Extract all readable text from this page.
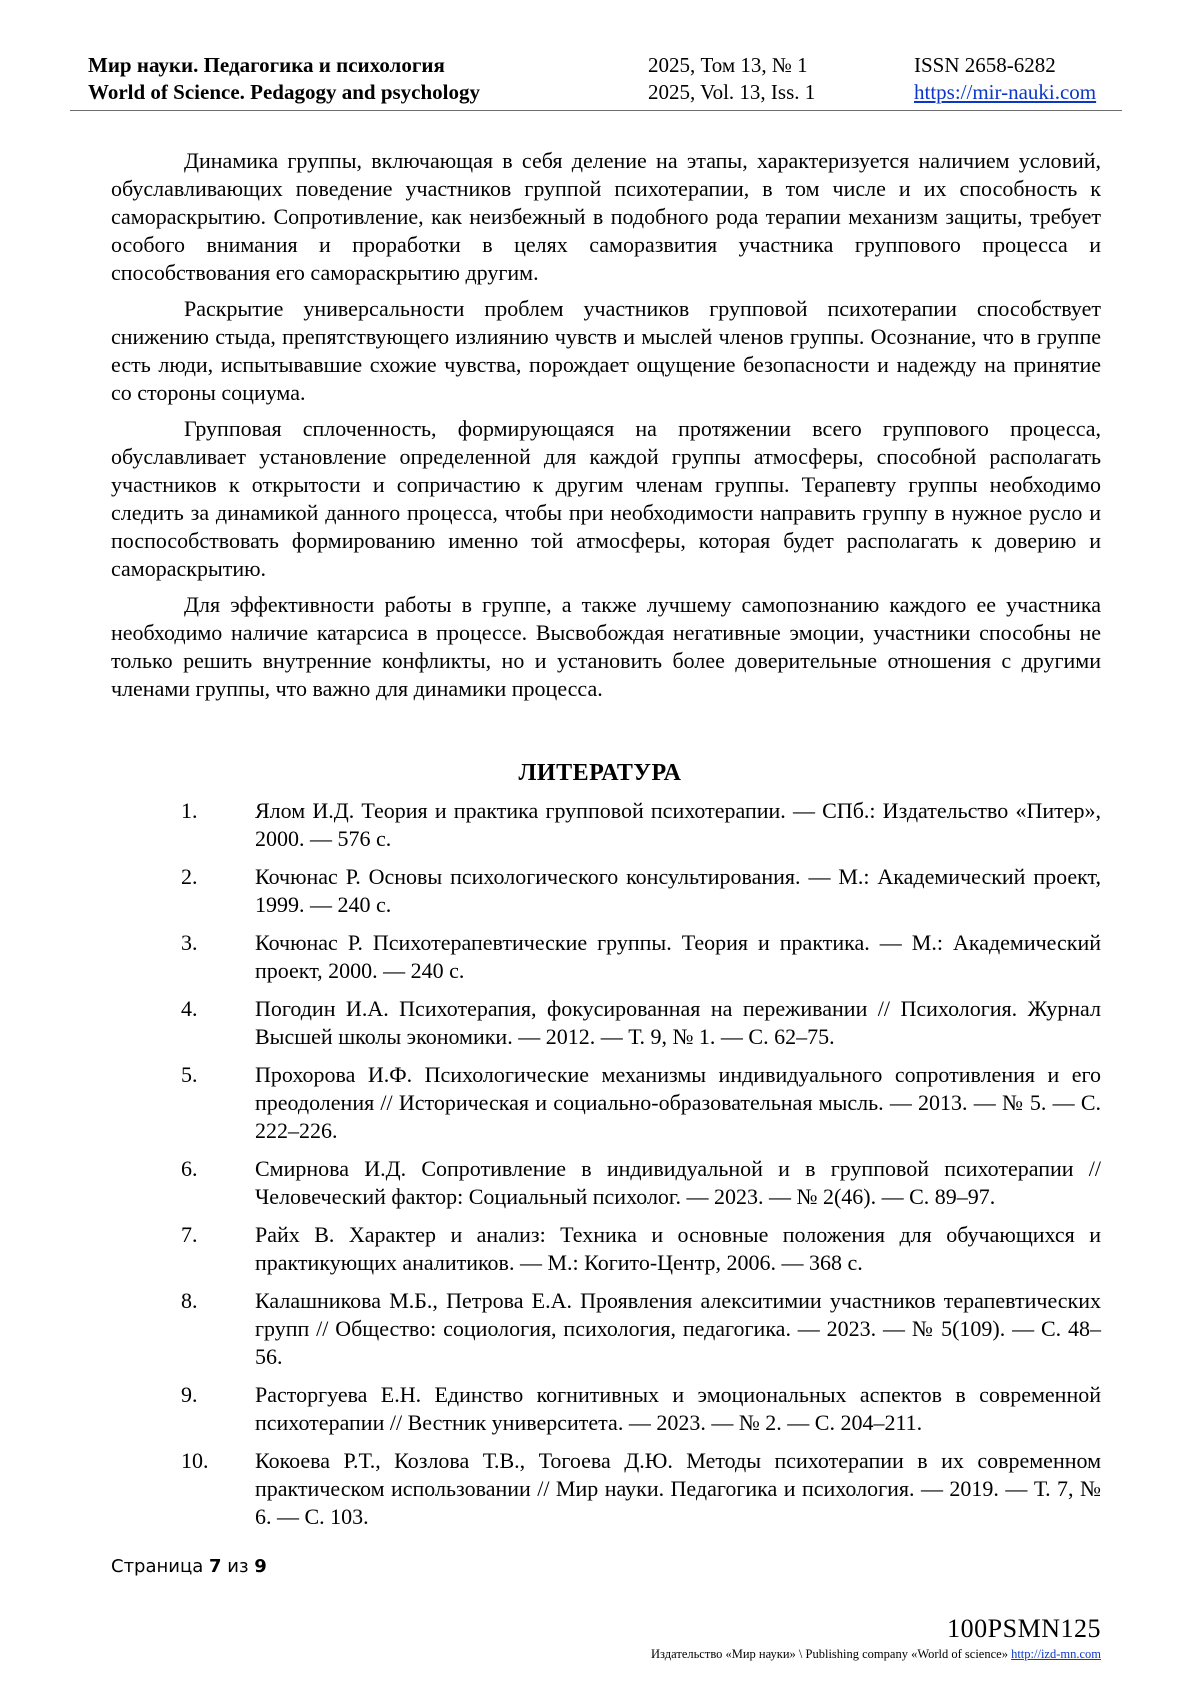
Мир науки. Педагогика и психология
World of Science. Pedagogy and psychology
2025, Том 13, № 1
2025, Vol. 13, Iss. 1
ISSN 2658-6282
https://mir-nauki.com

Динамика группы, включающая в себя деление на этапы, характеризуется наличием условий, обуславливающих поведение участников группой психотерапии, в том числе и их способность к самораскрытию. Сопротивление, как неизбежный в подобного рода терапии механизм защиты, требует особого внимания и проработки в целях саморазвития участника группового процесса и способствования его самораскрытию другим.

Раскрытие универсальности проблем участников групповой психотерапии способствует снижению стыда, препятствующего излиянию чувств и мыслей членов группы. Осознание, что в группе есть люди, испытывавшие схожие чувства, порождает ощущение безопасности и надежду на принятие со стороны социума.

Групповая сплоченность, формирующаяся на протяжении всего группового процесса, обуславливает установление определенной для каждой группы атмосферы, способной располагать участников к открытости и сопричастию к другим членам группы. Терапевту группы необходимо следить за динамикой данного процесса, чтобы при необходимости направить группу в нужное русло и поспособствовать формированию именно той атмосферы, которая будет располагать к доверию и самораскрытию.

Для эффективности работы в группе, а также лучшему самопознанию каждого ее участника необходимо наличие катарсиса в процессе. Высвобождая негативные эмоции, участники способны не только решить внутренние конфликты, но и установить более доверительные отношения с другими членами группы, что важно для динамики процесса.

ЛИТЕРАТУРА
1.	Ялом И.Д. Теория и практика групповой психотерапии. — СПб.: Издательство «Питер», 2000. — 576 с.
2.	Кочюнас Р. Основы психологического консультирования. — М.: Академический проект, 1999. — 240 с.
3.	Кочюнас Р. Психотерапевтические группы. Теория и практика. — М.: Академический проект, 2000. — 240 с.
4.	Погодин И.А. Психотерапия, фокусированная на переживании // Психология. Журнал Высшей школы экономики. — 2012. — Т. 9, № 1. — С. 62–75.
5.	Прохорова И.Ф. Психологические механизмы индивидуального сопротивления и его преодоления // Историческая и социально-образовательная мысль. — 2013. — № 5. — С. 222–226.
6.	Смирнова И.Д. Сопротивление в индивидуальной и в групповой психотерапии // Человеческий фактор: Социальный психолог. — 2023. — № 2(46). — С. 89–97.
7.	Райх В. Характер и анализ: Техника и основные положения для обучающихся и практикующих аналитиков. — М.: Когито-Центр, 2006. — 368 с.
8.	Калашникова М.Б., Петрова Е.А. Проявления алекситимии участников терапевтических групп // Общество: социология, психология, педагогика. — 2023. — № 5(109). — С. 48–56.
9.	Расторгуева Е.Н. Единство когнитивных и эмоциональных аспектов в современной психотерапии // Вестник университета. — 2023. — № 2. — С. 204–211.
10.	Кокоева Р.Т., Козлова Т.В., Тогоева Д.Ю. Методы психотерапии в их современном практическом использовании // Мир науки. Педагогика и психология. — 2019. — Т. 7, № 6. — С. 103.
Страница 7 из 9
100PSMN125
Издательство «Мир науки» \ Publishing company «World of science» http://izd-mn.com
